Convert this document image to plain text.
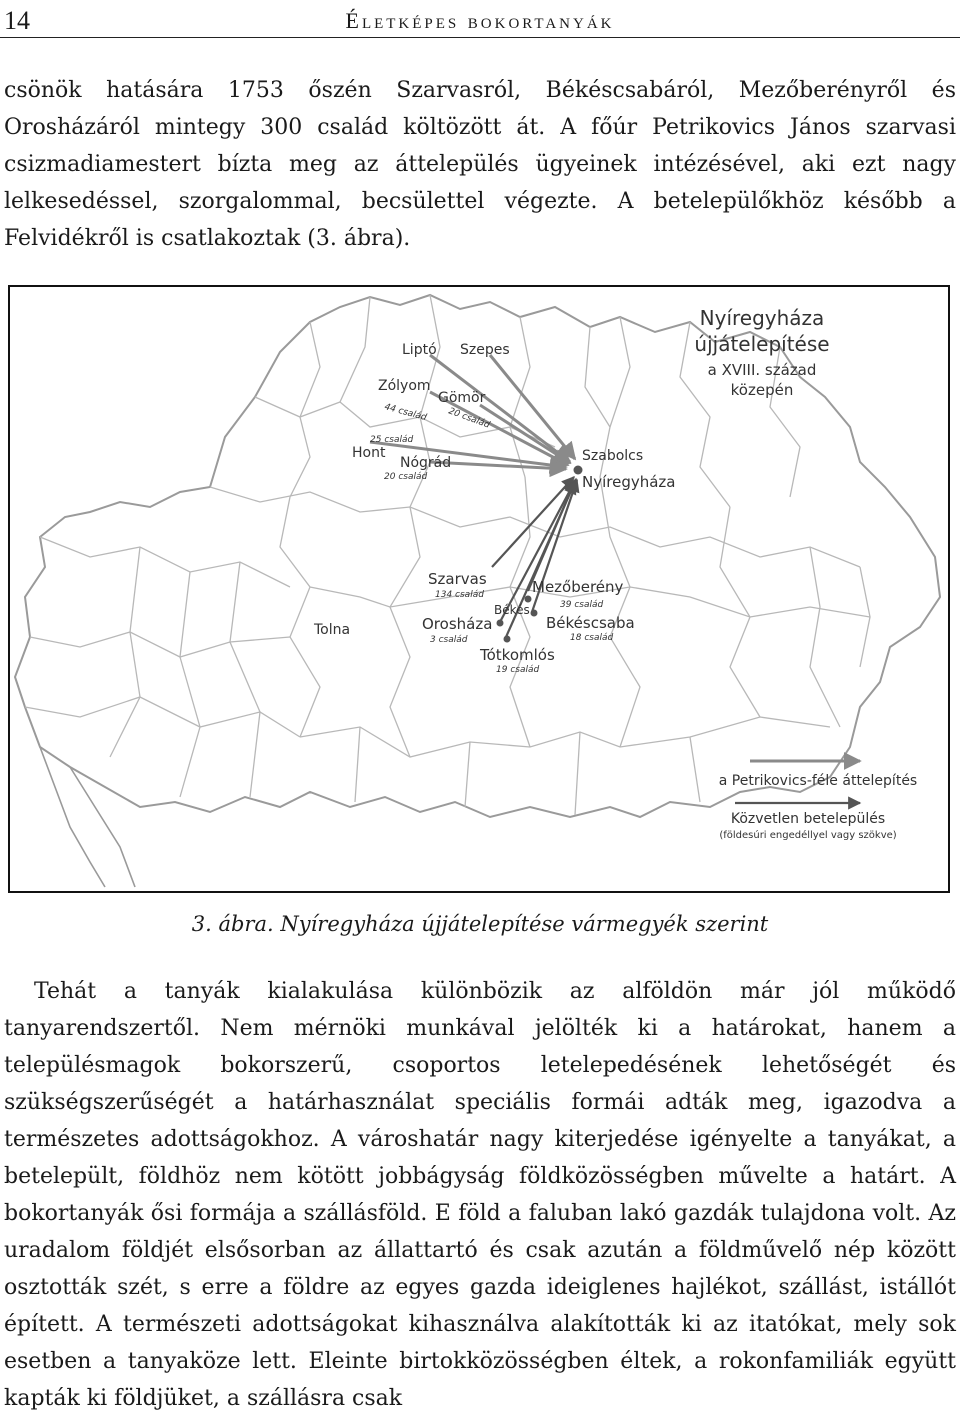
14	Életképes bokortanyák

csönök hatására 1753 őszén Szarvasról, Békéscsabáról, Mezőberényről és Orosházáról mintegy 300 család költözött át. A főúr Petrikovics János szarvasi csizmadiamestert bízta meg az áttelepülés ügyeinek intézésével, aki ezt nagy lelkesedéssel, szorgalommal, becsülettel végezte. A betelepülőkhöz később a Felvidékről is csatlakoztak (3. ábra).

Liptó Szepes
Zólyom
44 család
Gömör
20 család
25 család
Hont
Nógrád
20 család
Szabolcs
Nyíregyháza
Szarvas
134 család	Mezőberény
39 család
Békés
Békéscsaba
18 család
Orosháza
3 család
Tótkomlós
19 család
Tolna
Nyíregyháza
újjátelepítése
a XVIII. század
közepén
a Petrikovics-féle áttelepítés
Közvetlen betelepülés
(földesúri engedéllyel vagy szökve)
3. ábra. Nyíregyháza újjátelepítése vármegyék szerint

Tehát a tanyák kialakulása különbözik az alföldön már jól működő tanyarendszertől. Nem mérnöki munkával jelölték ki a határokat, hanem a településmagok bokorszerű, csoportos letelepedésének lehetőségét és szükségszerűségét a határhasználat speciális formái adták meg, igazodva a természetes adottságokhoz. A városhatár nagy kiterjedése igényelte a tanyákat, a betelepült, földhöz nem kötött jobbágyság földközösségben művelte a határt. A bokortanyák ősi formája a szállásföld. E föld a faluban lakó gazdák tulajdona volt. Az uradalom földjét elsősorban az állattartó és csak azután a földművelő nép között osztották szét, s erre a földre az egyes gazda ideiglenes hajlékot, szállást, istállót épített. A természeti adottságokat kihasználva alakították ki az itatókat, mely sok esetben a tanyaköze lett. Eleinte birtokközösségben éltek, a rokonfamiliák együtt kapták ki földjüket, a szállásra csak
